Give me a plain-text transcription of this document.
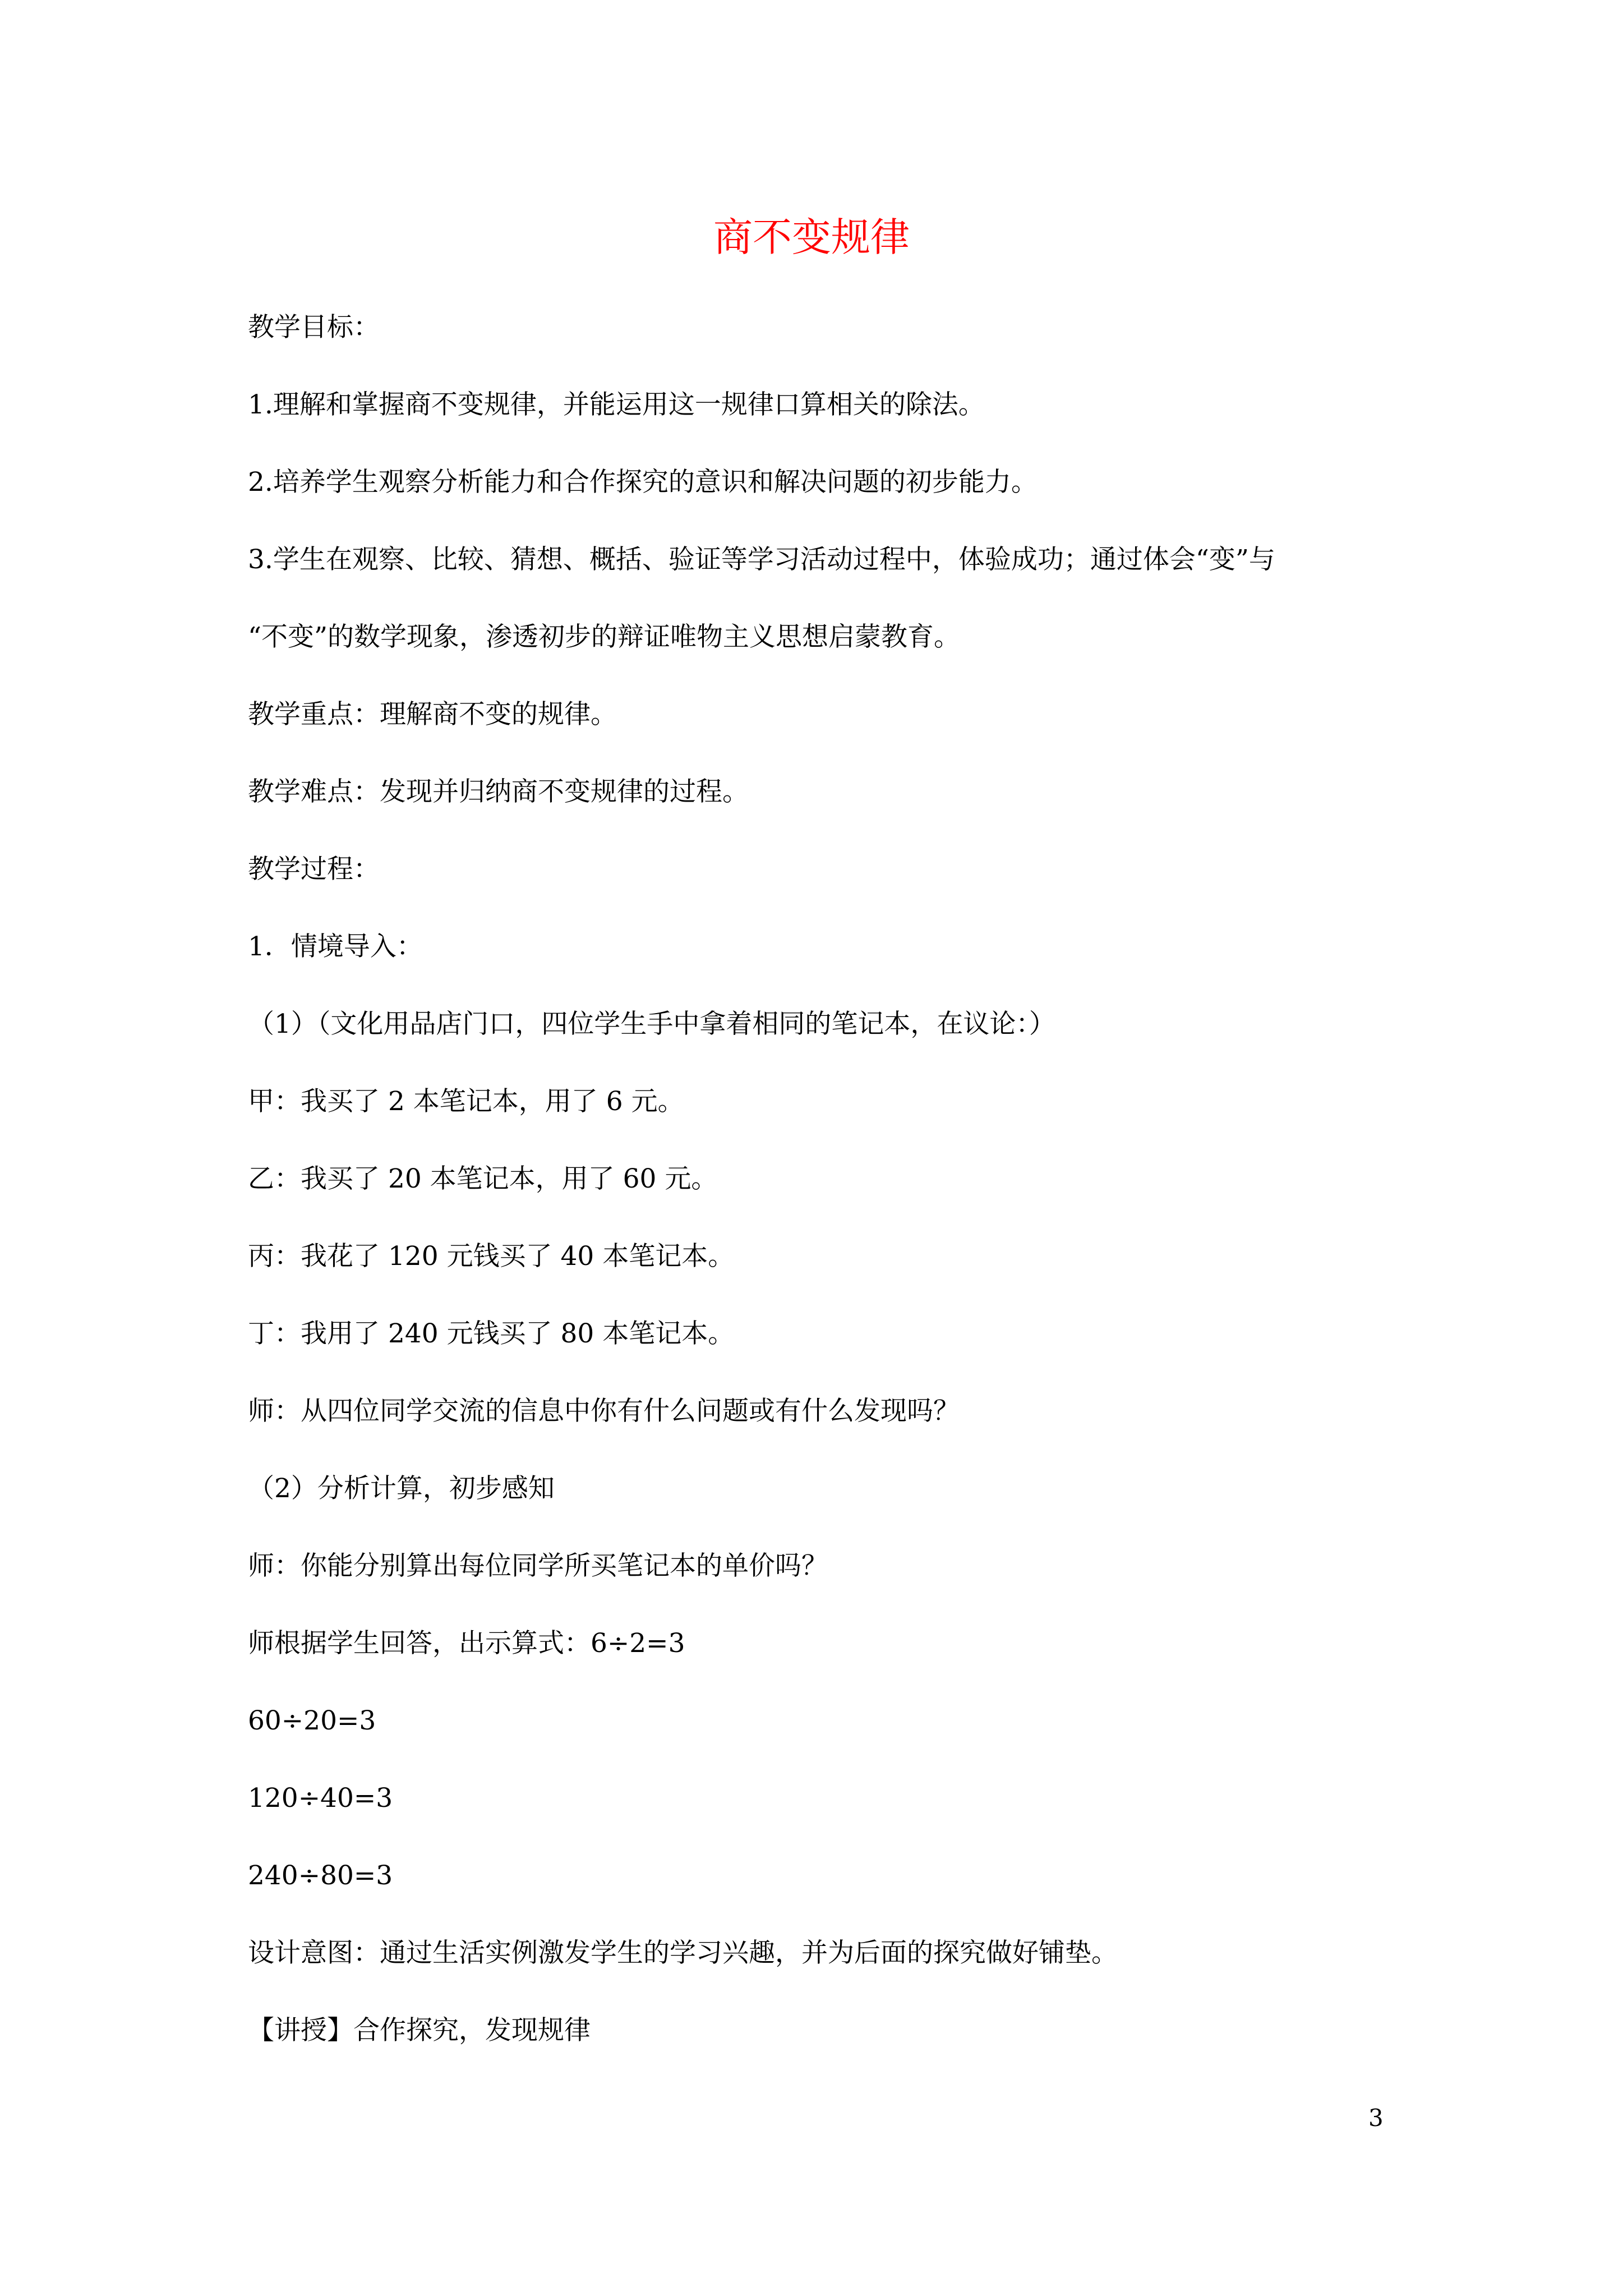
商不变规律
教学目标：
1.理解和掌握商不变规律，并能运用这一规律口算相关的除法。
2.培养学生观察分析能力和合作探究的意识和解决问题的初步能力。
3.学生在观察、比较、猜想、概括、验证等学习活动过程中，体验成功；通过体会“变”与
“不变”的数学现象，渗透初步的辩证唯物主义思想启蒙教育。
教学重点：理解商不变的规律。
教学难点：发现并归纳商不变规律的过程。
教学过程：
1．情境导入：
（1）（文化用品店门口，四位学生手中拿着相同的笔记本，在议论：）
甲：我买了 2 本笔记本，用了 6 元。
乙：我买了 20 本笔记本，用了 60 元。
丙：我花了 120 元钱买了 40 本笔记本。
丁：我用了 240 元钱买了 80 本笔记本。
师：从四位同学交流的信息中你有什么问题或有什么发现吗？
（2）分析计算，初步感知
师：你能分别算出每位同学所买笔记本的单价吗？
师根据学生回答，出示算式：6÷2=3
60÷20=3
120÷40=3
240÷80=3
设计意图：通过生活实例激发学生的学习兴趣，并为后面的探究做好铺垫。
【讲授】合作探究，发现规律
3
